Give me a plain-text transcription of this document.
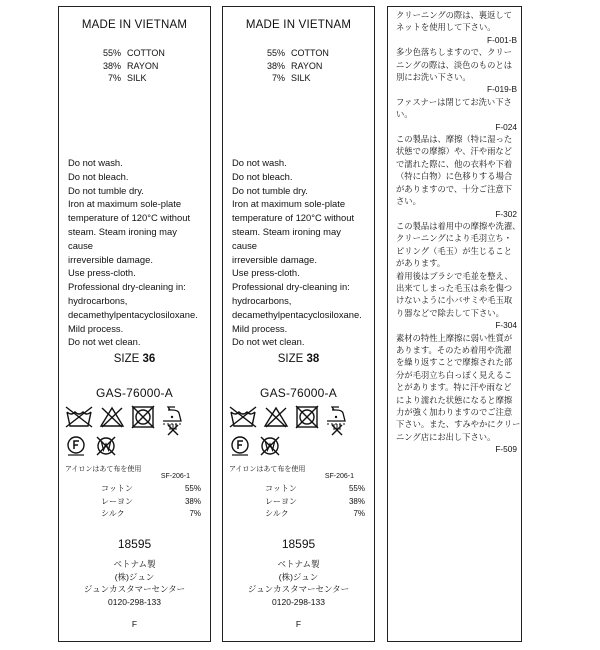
MADE IN VIETNAM
55% COTTON
38% RAYON
7% SILK
Do not wash.
Do not bleach.
Do not tumble dry.
Iron at maximum sole-plate
temperature of 120°C without
steam. Steam ironing may
cause
irreversible damage.
Use press-cloth.
Professional dry-cleaning in:
hydrocarbons,
decamethylpentacyclosiloxane.
Mild process.
Do not wet clean.
SIZE 36
GAS-76000-A
アイロンはあて布を使用
SF-206-1
コットン	55%
レーヨン	38%
シルク	7%
18595
ベトナム製
(株)ジュン
ジュンカスタマーセンター
0120-298-133
F
MADE IN VIETNAM
55% COTTON
38% RAYON
7% SILK
Do not wash.
Do not bleach.
Do not tumble dry.
Iron at maximum sole-plate
temperature of 120°C without
steam. Steam ironing may
cause
irreversible damage.
Use press-cloth.
Professional dry-cleaning in:
hydrocarbons,
decamethylpentacyclosiloxane.
Mild process.
Do not wet clean.
SIZE 38
GAS-76000-A
アイロンはあて布を使用
SF-206-1
コットン	55%
レーヨン	38%
シルク	7%
18595
ベトナム製
(株)ジュン
ジュンカスタマーセンター
0120-298-133
F

クリーニングの際は、裏返して

ネットを使用して下さい。

F-001-B

多少色落ちしますので、クリー

ニングの際は、淡色のものとは

別にお洗い下さい。

F-019-B

ファスナーは閉じてお洗い下さ

い。

F-024

この製品は、摩擦（特に湿った

状態での摩擦）や、汗や雨など

で濡れた際に、他の衣料や下着

（特に白物）に色移りする場合

がありますので、十分ご注意下

さい。

F-302

この製品は着用中の摩擦や洗濯、

クリーニングにより毛羽立ち・

ピリング（毛玉）が生じること

があります。

着用後はブラシで毛並を整え、

出来てしまった毛玉は糸を傷つ

けないように小バサミや毛玉取

り器などで除去して下さい。

F-304

素材の特性上摩擦に弱い性質が

あります。そのため着用や洗濯

を繰り返すことで摩擦された部

分が毛羽立ち白っぽく見えるこ

とがあります。特に汗や雨など

により濡れた状態になると摩擦

力が強く加わりますのでご注意

下さい。また、すみやかにクリー

ニング店にお出し下さい。

F-509
